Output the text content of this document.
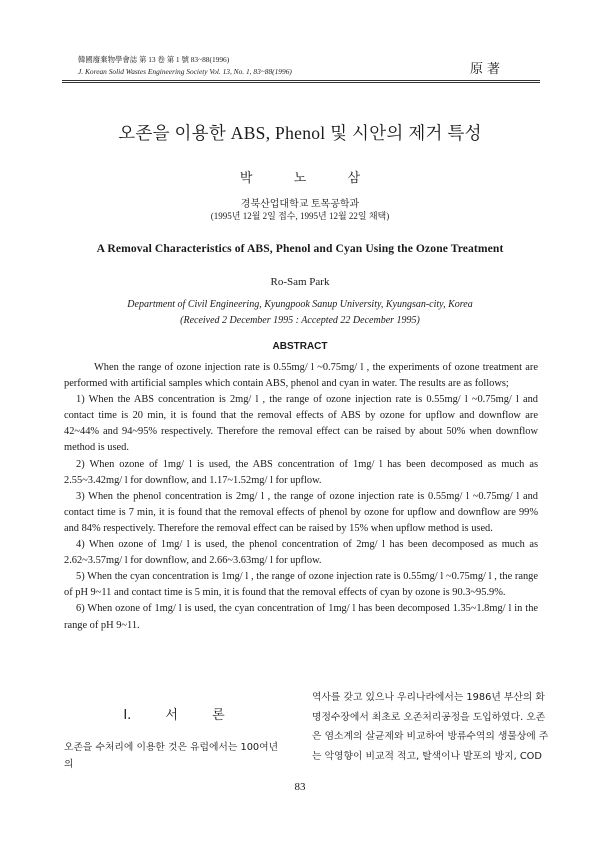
韓國廢棄物學會誌 第 13 卷 第 1 號 83~88(1996)
J. Korean Solid Wastes Engineering Society Vol. 13, No. 1, 83~88(1996)	原著
오존을 이용한 ABS, Phenol 및 시안의 제거 특성
박 노 삼
경북산업대학교 토목공학과
(1995년 12월 2일 접수, 1995년 12월 22일 채택)
A Removal Characteristics of ABS, Phenol and Cyan Using the Ozone Treatment
Ro-Sam Park
Department of Civil Engineering, Kyungpook Sanup University, Kyungsan-city, Korea
(Received 2 December 1995 : Accepted 22 December 1995)
ABSTRACT

When the range of ozone injection rate is 0.55mg/ l ~0.75mg/ l , the experiments of ozone treatment are performed with artificial samples which contain ABS, phenol and cyan in water. The results are as follows;

1) When the ABS concentration is 2mg/ l , the range of ozone injection rate is 0.55mg/ l ~0.75mg/ l and contact time is 20 min, it is found that the removal effects of ABS by ozone for upflow and downflow are 42~44% and 94~95% respectively. Therefore the removal effect can be raised by about 50% when downflow method is used.

2) When ozone of 1mg/ l is used, the ABS concentration of 1mg/ l has been decomposed as much as 2.55~3.42mg/ l for downflow, and 1.17~1.52mg/ l for upflow.

3) When the phenol concentration is 2mg/ l , the range of ozone injection rate is 0.55mg/ l ~0.75mg/ l and contact time is 7 min, it is found that the removal effects of phenol by ozone for upflow and downflow are 99% and 84% respectively. Therefore the removal effect can be raised by 15% when upflow method is used.

4) When ozone of 1mg/ l is used, the phenol concentration of 2mg/ l has been decomposed as much as 2.62~3.57mg/ l for downflow, and 2.66~3.63mg/ l for upflow.

5) When the cyan concentration is 1mg/ l , the range of ozone injection rate is 0.55mg/ l ~0.75mg/ l , the range of pH 9~11 and contact time is 5 min, it is found that the removal effects of cyan by ozone is 90.3~95.9%.

6) When ozone of 1mg/ l is used, the cyan concentration of 1mg/ l has been decomposed 1.35~1.8mg/ l in the range of pH 9~11.

Ⅰ. 서 론
오존을 수처리에 이용한 것은 유럽에서는 100여년의
역사를 갖고 있으나 우리나라에서는 1986년 부산의 화
명정수장에서 최초로 오존처리공정을 도입하였다. 오존
은 염소계의 살균제와 비교하여 방류수역의 생물상에 주
는 악영향이 비교적 적고, 탈색이나 발포의 방지, COD
83
